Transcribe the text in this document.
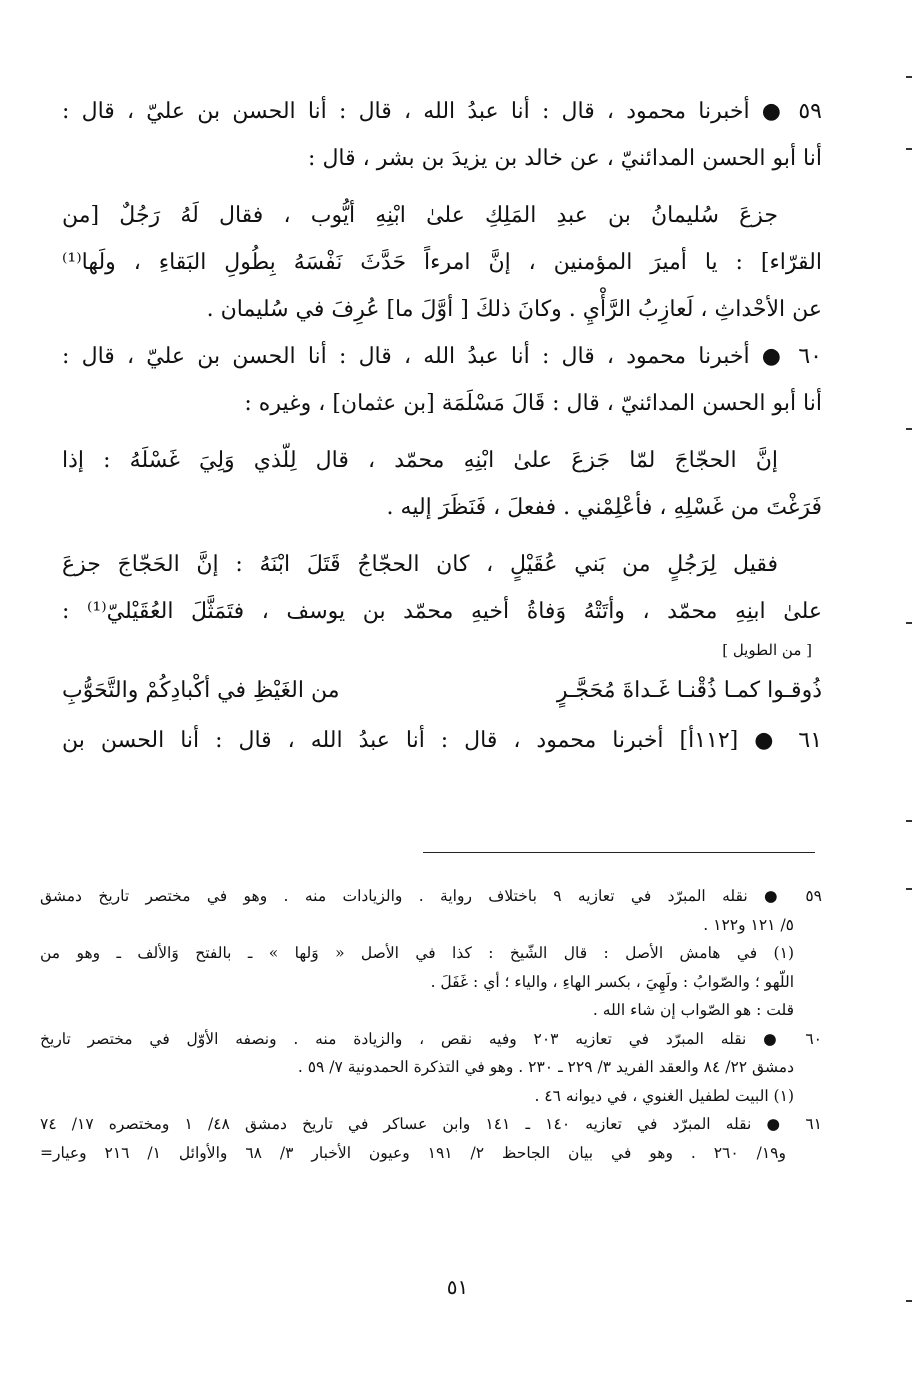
٥٩ ● أخبرنا محمود ، قال : أنا عبدُ الله ، قال : أنا الحسن بن عليّ ، قال :
أنا أبو الحسن المدائنيّ ، عن خالد بن يزيدَ بن بشر ، قال :
جزعَ سُليمانُ بن عبدِ المَلِكِ علىٰ ابْنِهِ أيُّوب ، فقال لَهُ رَجُلٌ [من
القرّاء] : يا أميرَ المؤمنين ، إنَّ امرءاً حَدَّثَ نَفْسَهُ بِطُولِ البَقاءِ ، ولَها⁽¹⁾
عن الأحْداثِ ، لَعازِبُ الرَّأْيِ . وكانَ ذلكَ [ أوَّلَ ما] عُرِفَ في سُليمان .
٦٠ ● أخبرنا محمود ، قال : أنا عبدُ الله ، قال : أنا الحسن بن عليّ ، قال :
أنا أبو الحسن المدائنيّ ، قال : قَالَ مَسْلَمَة [بن عثمان] ، وغيره :
إنَّ الحجّاجَ لمّا جَزعَ علىٰ ابْنِهِ محمّد ، قال لِلّذي وَلِيَ غَسْلَهُ : إذا
فَرَغْتَ من غَسْلِهِ ، فأعْلِمْني . ففعلَ ، فَنَظَرَ إليه .
فقيل لِرَجُلٍ من بَني عُقَيْلٍ ، كان الحجّاجُ قَتَلَ ابْنَهُ : إنَّ الحَجّاجَ جزعَ
علىٰ ابنِهِ محمّد ، وأتَتْهُ وَفاةُ أخيهِ محمّد بن يوسف ، فتَمَثَّلَ العُقَيْليّ⁽¹⁾ :
[ من الطويل ]
ذُوقـوا كمـا ذُقْنـا غَـداةَ مُحَجَّـرٍ
من الغَيْظِ في أكْبادِكُمْ والتَّحَوُّبِ
٦١ ● [١١٢أ] أخبرنا محمود ، قال : أنا عبدُ الله ، قال : أنا الحسن بن
٥٩ ● نقله المبرّد في تعازيه ٩ باختلاف رواية . والزيادات منه . وهو في مختصر تاريخ دمشق
٥/ ١٢١ و١٢٢ .
(١) في هامش الأصل : قال الشّيخ : كذا في الأصل « وَلها » ـ بالفتح وَالألف ـ وهو من
اللّهو ؛ والصّوابُ : ولَهِيَ ، بكسر الهاءِ ، والياء ؛ أي : غَفَلَ .
قلت : هو الصّواب إن شاء الله .
٦٠ ● نقله المبرّد في تعازيه ٢٠٣ وفيه نقص ، والزيادة منه . ونصفه الأوّل في مختصر تاريخ
دمشق ٢٢/ ٨٤ والعقد الفريد ٣/ ٢٢٩ ـ ٢٣٠ . وهو في التذكرة الحمدونية ٧/ ٥٩ .
(١) البيت لطفيل الغنوي ، في ديوانه ٤٦ .
٦١ ● نقله المبرّد في تعازيه ١٤٠ ـ ١٤١ وابن عساكر في تاريخ دمشق ٤٨/ ١ ومختصره ١٧/ ٧٤
و١٩/ ٢٦٠ . وهو في بيان الجاحظ ٢/ ١٩١ وعيون الأخبار ٣/ ٦٨ والأوائل ١/ ٢١٦ وعيار=
٥١
